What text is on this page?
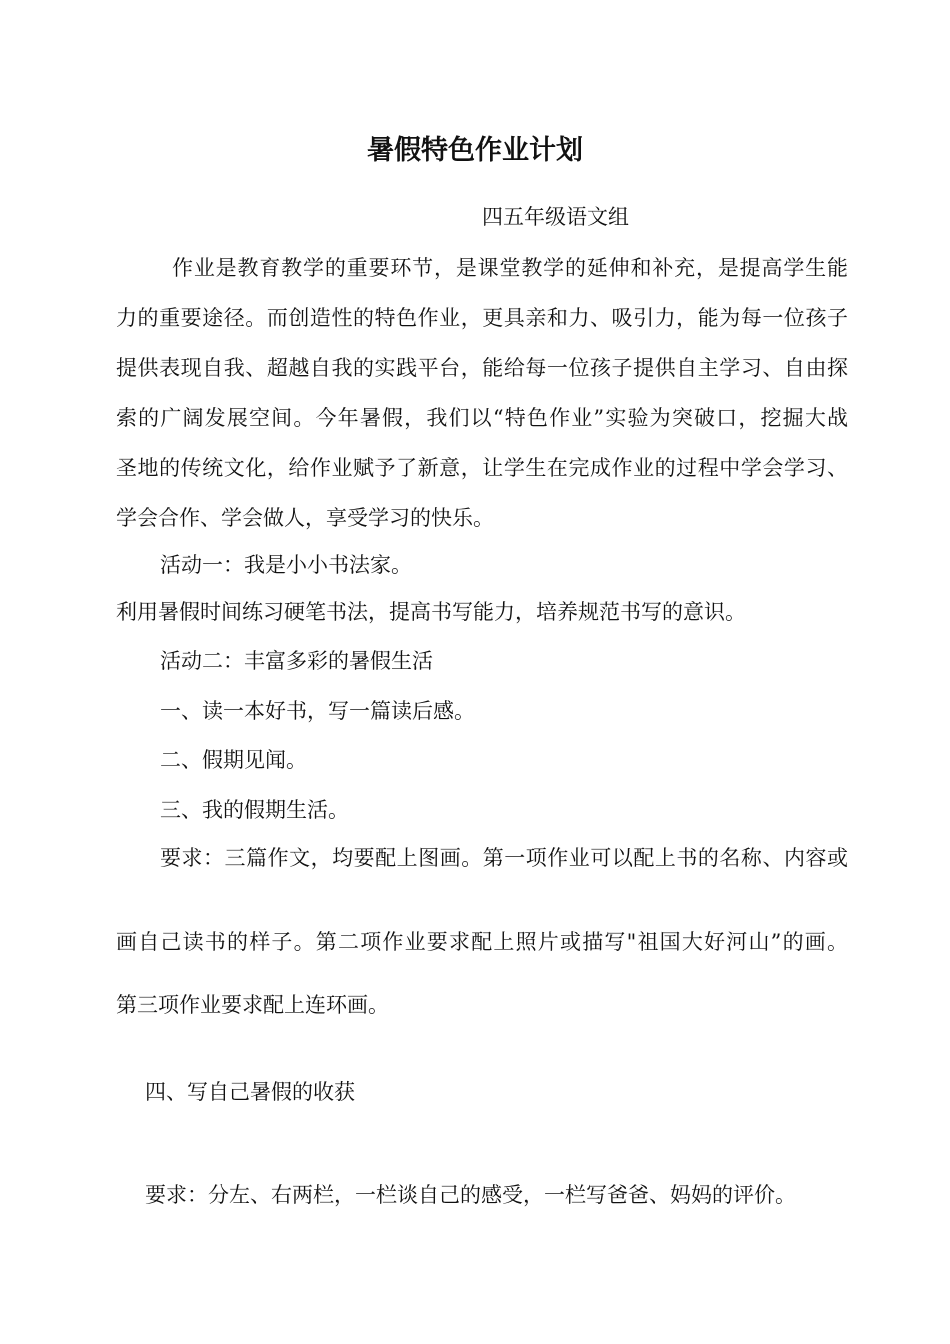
暑假特色作业计划
四五年级语文组
作业是教育教学的重要环节，是课堂教学的延伸和补充，是提高学生能
力的重要途径。而创造性的特色作业，更具亲和力、吸引力，能为每一位孩子
提供表现自我、超越自我的实践平台，能给每一位孩子提供自主学习、自由探
索的广阔发展空间。今年暑假，我们以“特色作业”实验为突破口，挖掘大战
圣地的传统文化，给作业赋予了新意，让学生在完成作业的过程中学会学习、
学会合作、学会做人，享受学习的快乐。
活动一：我是小小书法家。
利用暑假时间练习硬笔书法，提高书写能力，培养规范书写的意识。
活动二：丰富多彩的暑假生活
一、读一本好书，写一篇读后感。
二、假期见闻。
三、我的假期生活。
要求：三篇作文，均要配上图画。第一项作业可以配上书的名称、内容或
画自己读书的样子。第二项作业要求配上照片或描写"祖国大好河山”的画。
第三项作业要求配上连环画。
四、写自己暑假的收获
要求：分左、右两栏，一栏谈自己的感受，一栏写爸爸、妈妈的评价。
